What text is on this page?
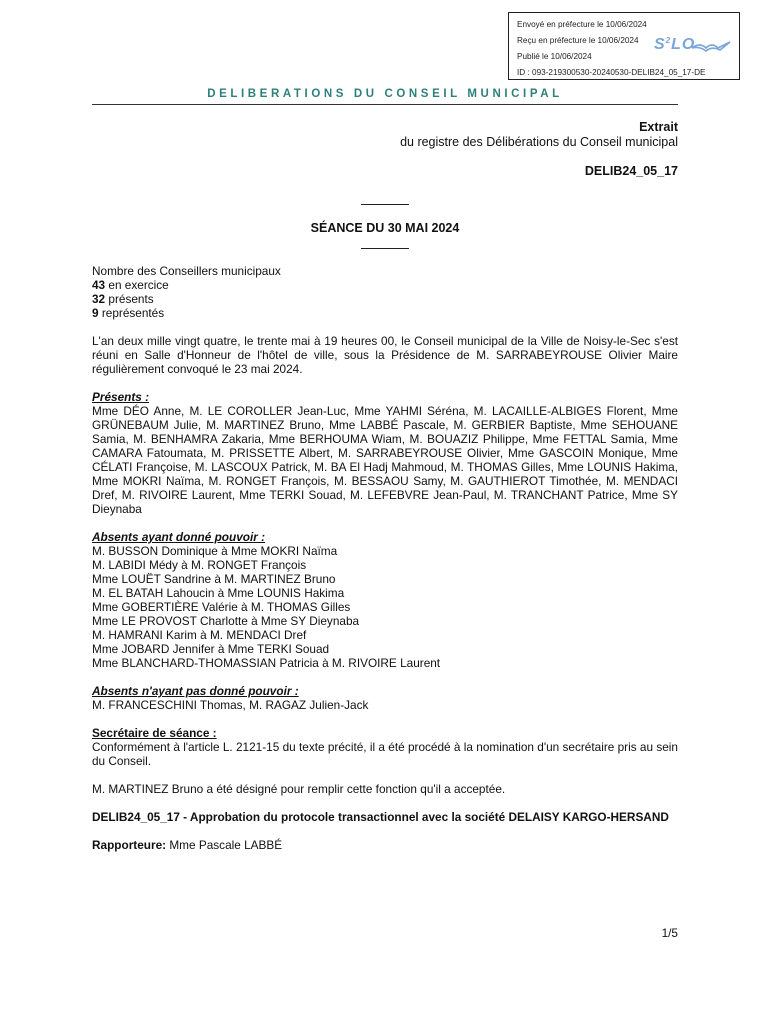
Envoyé en préfecture le 10/06/2024
Reçu en préfecture le 10/06/2024
Publié le 10/06/2024
ID : 093-219300530-20240530-DELIB24_05_17-DE
$S^2LO$
DELIBERATIONS DU CONSEIL MUNICIPAL
Extrait
du registre des Délibérations du Conseil municipal
DELIB24_05_17
SÉANCE DU 30 MAI 2024

Nombre des Conseillers municipaux

43 en exercice

32 présents

9 représentés

L'an deux mille vingt quatre, le trente mai à 19 heures 00, le Conseil municipal de la Ville de Noisy-le-Sec s'est réuni en Salle d'Honneur de l'hôtel de ville, sous la Présidence de M. SARRABEYROUSE Olivier Maire régulièrement convoqué le 23 mai 2024.

Présents :

Mme DÉO Anne, M. LE COROLLER Jean-Luc, Mme YAHMI Séréna, M. LACAILLE-ALBIGES Florent, Mme GRÜNEBAUM Julie, M. MARTINEZ Bruno, Mme LABBÉ Pascale, M. GERBIER Baptiste, Mme SEHOUANE Samia, M. BENHAMRA Zakaria, Mme BERHOUMA Wiam, M. BOUAZIZ Philippe, Mme FETTAL Samia, Mme CAMARA Fatoumata, M. PRISSETTE Albert, M. SARRABEYROUSE Olivier, Mme GASCOIN Monique, Mme CÉLATI Françoise, M. LASCOUX Patrick, M. BA El Hadj Mahmoud, M. THOMAS Gilles, Mme LOUNIS Hakima, Mme MOKRI Naïma, M. RONGET François, M. BESSAOU Samy, M. GAUTHIEROT Timothée, M. MENDACI Dref, M. RIVOIRE Laurent, Mme TERKI Souad, M. LEFEBVRE Jean-Paul, M. TRANCHANT Patrice, Mme SY Dieynaba

Absents ayant donné pouvoir :

M. BUSSON Dominique à Mme MOKRI Naïma

M. LABIDI Médy à M. RONGET François

Mme LOUËT Sandrine à M. MARTINEZ Bruno

M. EL BATAH Lahoucin à Mme LOUNIS Hakima

Mme GOBERTIÈRE Valérie à M. THOMAS Gilles

Mme LE PROVOST Charlotte à Mme SY Dieynaba

M. HAMRANI Karim à M. MENDACI Dref

Mme JOBARD Jennifer à Mme TERKI Souad

Mme BLANCHARD-THOMASSIAN Patricia à M. RIVOIRE Laurent

Absents n'ayant pas donné pouvoir :

M. FRANCESCHINI Thomas, M. RAGAZ Julien-Jack

Secrétaire de séance :

Conformément à l'article L. 2121-15 du texte précité, il a été procédé à la nomination d'un secrétaire pris au sein du Conseil.

M. MARTINEZ Bruno a été désigné pour remplir cette fonction qu'il a acceptée.

DELIB24_05_17 - Approbation du protocole transactionnel avec la société DELAISY KARGO-HERSAND

Rapporteure: Mme Pascale LABBÉ

1/5
